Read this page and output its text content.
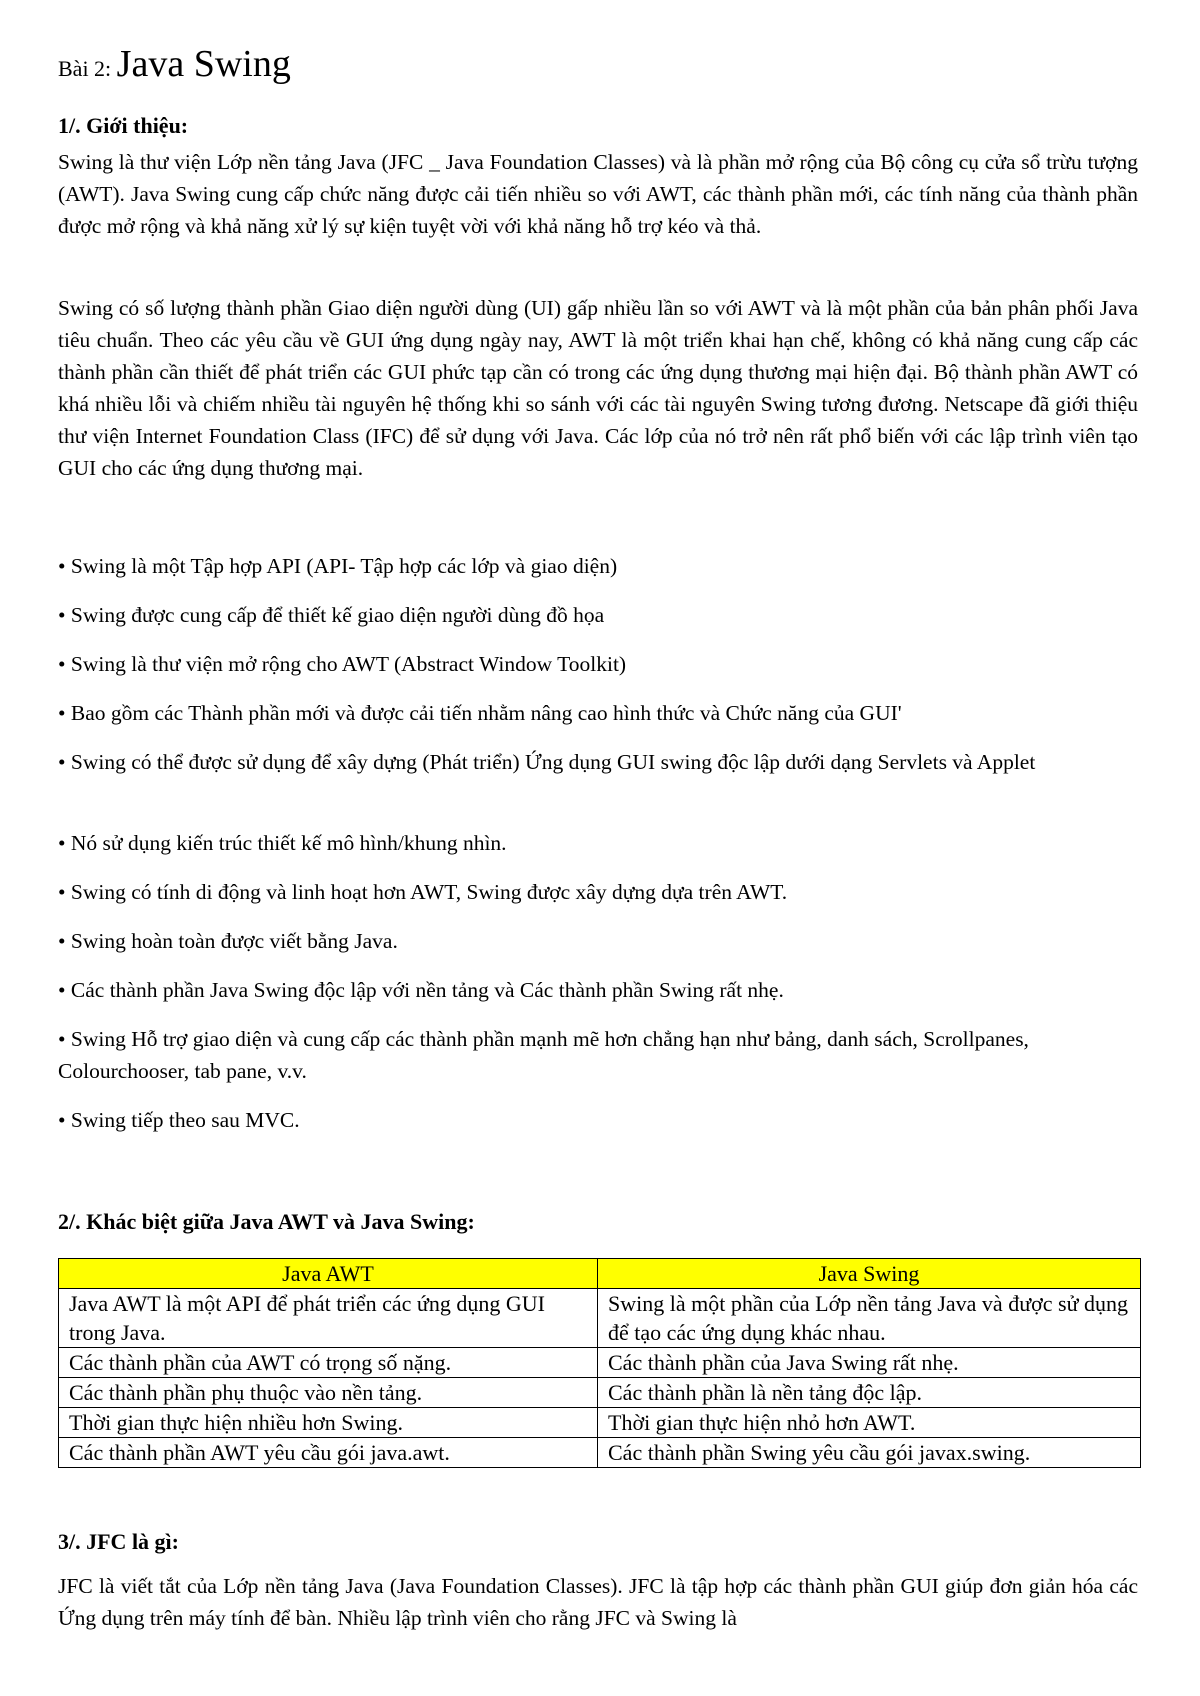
Bài 2: Java Swing
1/. Giới thiệu:

Swing là thư viện Lớp nền tảng Java (JFC _ Java Foundation Classes) và là phần mở rộng của Bộ công cụ cửa sổ trừu tượng (AWT). Java Swing cung cấp chức năng được cải tiến nhiều so với AWT, các thành phần mới, các tính năng của thành phần được mở rộng và khả năng xử lý sự kiện tuyệt vời với khả năng hỗ trợ kéo và thả.

Swing có số lượng thành phần Giao diện người dùng (UI) gấp nhiều lần so với AWT và là một phần của bản phân phối Java tiêu chuẩn. Theo các yêu cầu về GUI ứng dụng ngày nay, AWT là một triển khai hạn chế, không có khả năng cung cấp các thành phần cần thiết để phát triển các GUI phức tạp cần có trong các ứng dụng thương mại hiện đại. Bộ thành phần AWT có khá nhiều lỗi và chiếm nhiều tài nguyên hệ thống khi so sánh với các tài nguyên Swing tương đương. Netscape đã giới thiệu thư viện Internet Foundation Class (IFC) để sử dụng với Java. Các lớp của nó trở nên rất phổ biến với các lập trình viên tạo GUI cho các ứng dụng thương mại.

• Swing là một Tập hợp API (API- Tập hợp các lớp và giao diện)

• Swing được cung cấp để thiết kế giao diện người dùng đồ họa

• Swing là thư viện mở rộng cho AWT (Abstract Window Toolkit)

• Bao gồm các Thành phần mới và được cải tiến nhằm nâng cao hình thức và Chức năng của GUI'

• Swing có thể được sử dụng để xây dựng (Phát triển) Ứng dụng GUI swing độc lập dưới dạng Servlets và Applet

• Nó sử dụng kiến trúc thiết kế mô hình/khung nhìn.

• Swing có tính di động và linh hoạt hơn AWT, Swing được xây dựng dựa trên AWT.

• Swing hoàn toàn được viết bằng Java.

• Các thành phần Java Swing độc lập với nền tảng và Các thành phần Swing rất nhẹ.

• Swing Hỗ trợ giao diện và cung cấp các thành phần mạnh mẽ hơn chẳng hạn như bảng, danh sách, Scrollpanes, Colourchooser, tab pane, v.v.

• Swing tiếp theo sau MVC.

2/. Khác biệt giữa Java AWT và Java Swing:
Java AWT	Java Swing
Java AWT là một API để phát triển các ứng dụng GUI trong Java.	Swing là một phần của Lớp nền tảng Java và được sử dụng để tạo các ứng dụng khác nhau.
Các thành phần của AWT có trọng số nặng.	Các thành phần của Java Swing rất nhẹ.
Các thành phần phụ thuộc vào nền tảng.	Các thành phần là nền tảng độc lập.
Thời gian thực hiện nhiều hơn Swing.	Thời gian thực hiện nhỏ hơn AWT.
Các thành phần AWT yêu cầu gói java.awt.	Các thành phần Swing yêu cầu gói javax.swing.
3/. JFC là gì:

JFC là viết tắt của Lớp nền tảng Java (Java Foundation Classes). JFC là tập hợp các thành phần GUI giúp đơn giản hóa các Ứng dụng trên máy tính để bàn. Nhiều lập trình viên cho rằng JFC và Swing là
